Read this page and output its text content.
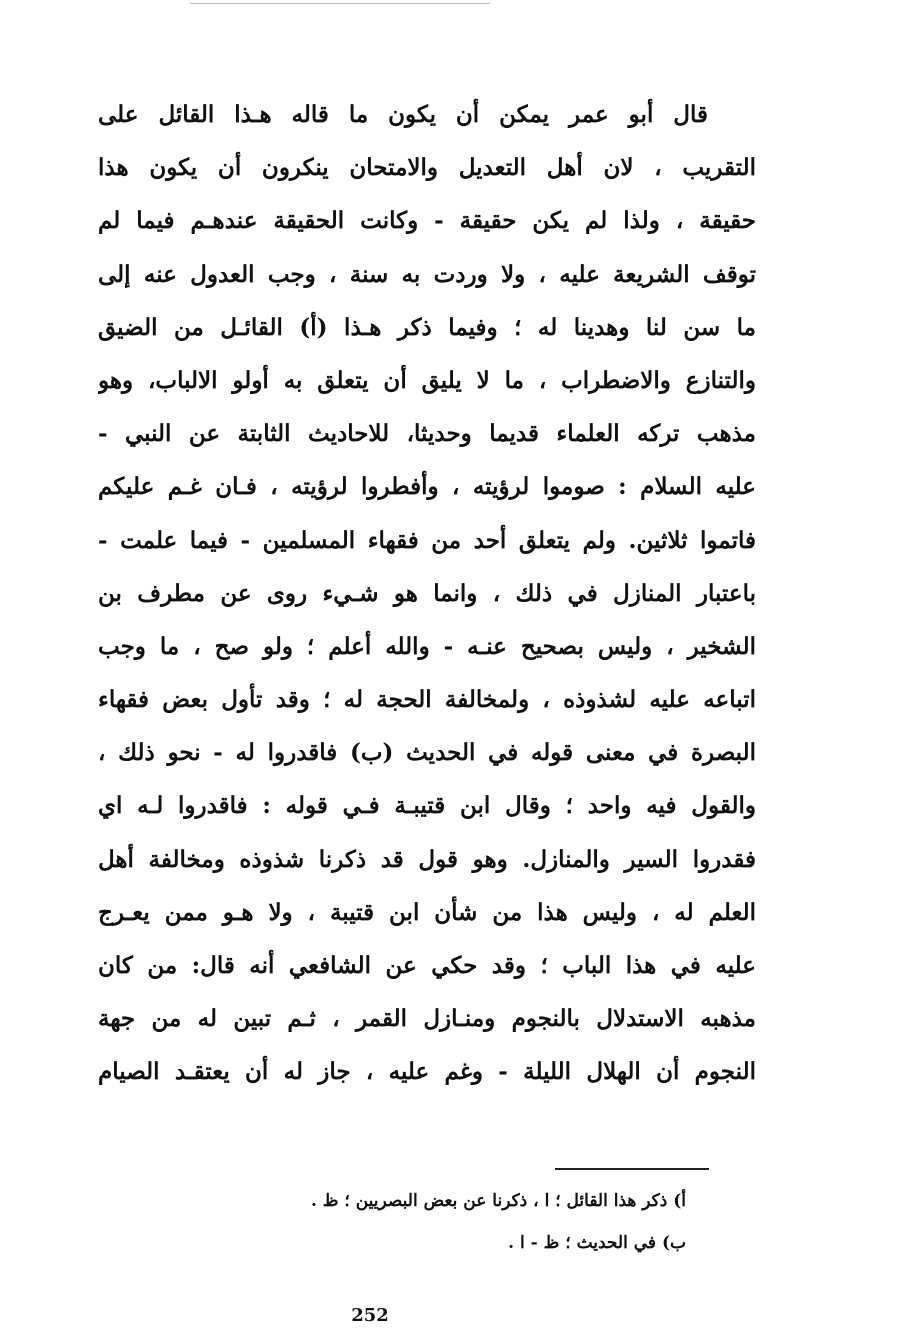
قال أبو عمر يمكن أن يكون ما قاله هـذا القائل على
التقريب ، لان أهل التعديل والامتحان ينكرون أن يكون هذا
حقيقة ، ولذا لم يكن حقيقة - وكانت الحقيقة عندهـم فيما لم
توقف الشريعة عليه ، ولا وردت به سنة ، وجب العدول عنه إلى
ما سن لنا وهدينا له ؛ وفيما ذكر هـذا (أ) القائـل من الضيق
والتنازع والاضطراب ، ما لا يليق أن يتعلق به أولو الالباب، وهو
مذهب تركه العلماء قديما وحديثا، للاحاديث الثابتة عن النبي -
عليه السلام : صوموا لرؤيته ، وأفطروا لرؤيته ، فـان غـم عليكم
فاتموا ثلاثين. ولم يتعلق أحد من فقهاء المسلمين - فيما علمت -
باعتبار المنازل في ذلك ، وانما هو شـيء روى عن مطرف بن
الشخير ، وليس بصحيح عنـه - والله أعلم ؛ ولو صح ، ما وجب
اتباعه عليه لشذوذه ، ولمخالفة الحجة له ؛ وقد تأول بعض فقهاء
البصرة في معنى قوله في الحديث (ب) فاقدروا له - نحو ذلك ،
والقول فيه واحد ؛ وقال ابن قتيبـة فـي قوله : فاقدروا لـه اي
فقدروا السير والمنازل. وهو قول قد ذكرنا شذوذه ومخالفة أهل
العلم له ، وليس هذا من شأن ابن قتيبة ، ولا هـو ممن يعـرج
عليه في هذا الباب ؛ وقد حكي عن الشافعي أنه قال: من كان
مذهبه الاستدلال بالنجوم ومنـازل القمر ، ثـم تبين له من جهة
النجوم أن الهلال الليلة - وغم عليه ، جاز له أن يعتقـد الصيام
أ) ذكر هذا القائل ؛ ا ، ذكرنا عن بعض البصريين ؛ ظ .
ب) في الحديث ؛ ظ - ا .
252
